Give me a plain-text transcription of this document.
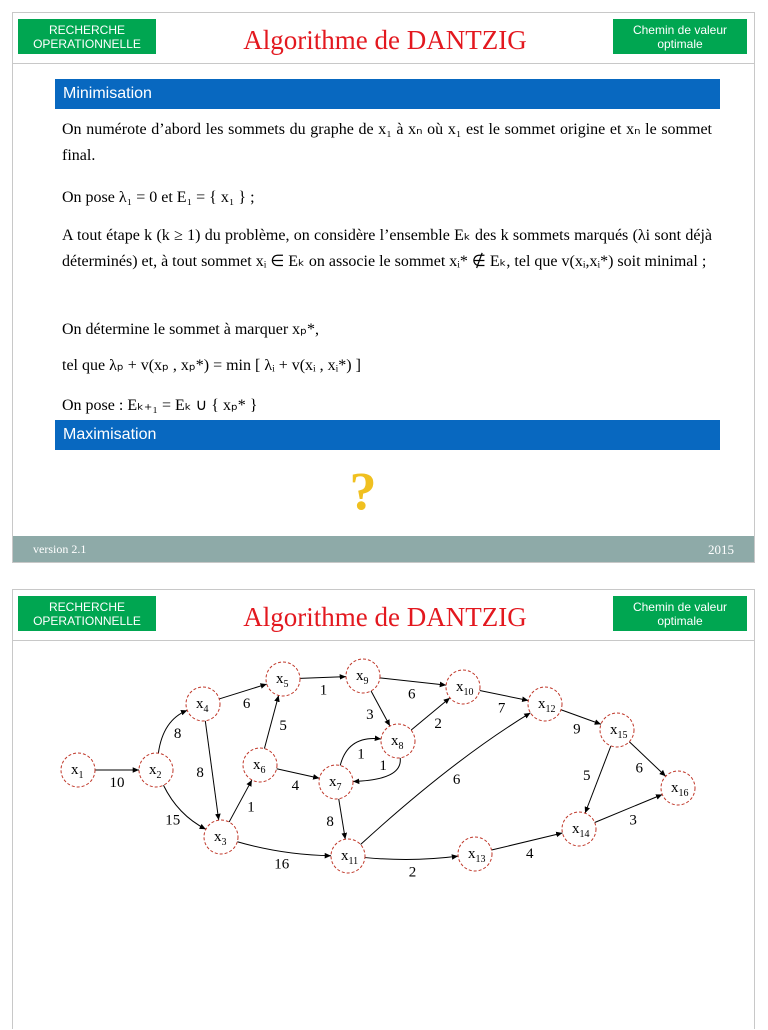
RECHERCHE OPERATIONNELLE	Algorithme de DANTZIG	Chemin de valeur optimale
Minimisation
On numérote d’abord les sommets du graphe de x₁ à xₙ où x₁ est le sommet origine et xₙ le sommet final.
On pose λ₁ = 0 et E₁ = { x₁ } ;
A tout étape k (k ≥ 1) du problème, on considère l’ensemble Eₖ des k sommets marqués (λi sont déjà déterminés) et, à tout sommet xᵢ ∈ Eₖ on associe le sommet xᵢ* ∉ Eₖ, tel que v(xᵢ,xᵢ*) soit minimal ;
On détermine le sommet à marquer xₚ*,
tel que λₚ + v(xₚ , xₚ*) = min [ λᵢ + v(xᵢ , xᵢ*) ]
On pose : Eₖ₊₁ = Eₖ ∪ { xₚ* }
Maximisation
?
version 2.1	2015
RECHERCHE OPERATIONNELLE	Algorithme de DANTZIG	Chemin de valeur optimale
10
8
15
6
8
1
16
5
4
1	6
3
2
1
1
8
7
6
2
9
4
6
5
3
$x_1$	$x_2$
$x_3$
$x_4$
$x_5$
$x_6$
$x_7$
$x_8$
$x_9$	$x_{10}$
$x_{11}$
$x_{12}$
$x_{13}$
$x_{14}$
$x_{15}$
$x_{16}$
